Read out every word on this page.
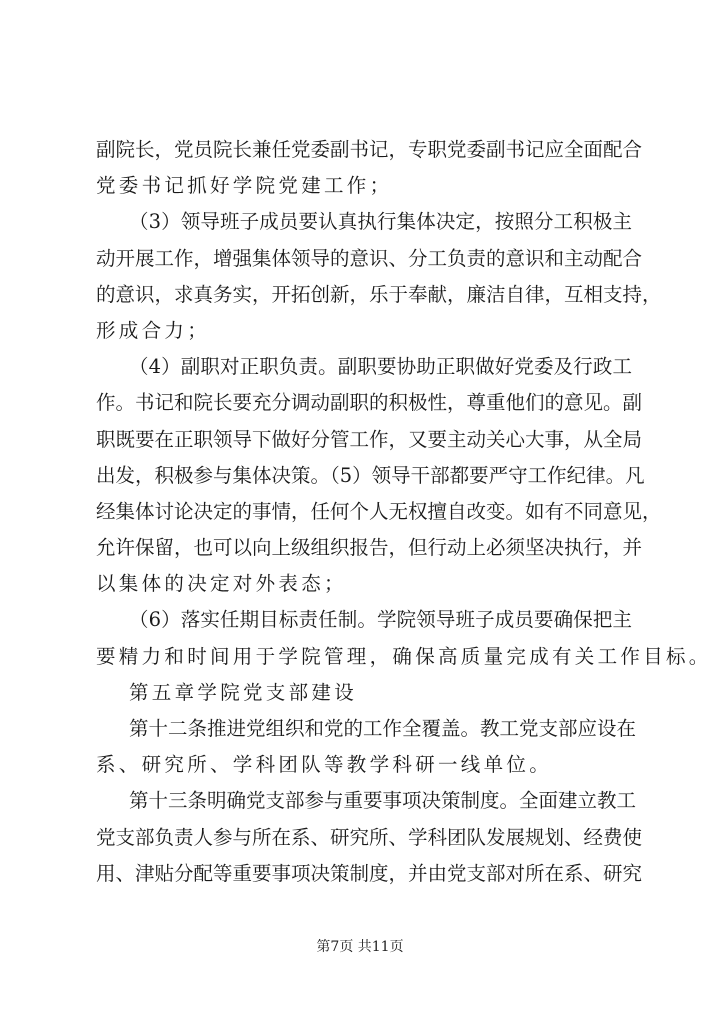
副院长，党员院长兼任党委副书记，专职党委副书记应全面配合
党委书记抓好学院党建工作；
（3）领导班子成员要认真执行集体决定，按照分工积极主
动开展工作，增强集体领导的意识、分工负责的意识和主动配合
的意识，求真务实，开拓创新，乐于奉献，廉洁自律，互相支持，
形成合力；
（4）副职对正职负责。副职要协助正职做好党委及行政工
作。书记和院长要充分调动副职的积极性，尊重他们的意见。副
职既要在正职领导下做好分管工作，又要主动关心大事，从全局
出发，积极参与集体决策。（5）领导干部都要严守工作纪律。凡
经集体讨论决定的事情，任何个人无权擅自改变。如有不同意见，
允许保留，也可以向上级组织报告，但行动上必须坚决执行，并
以集体的决定对外表态；
（6）落实任期目标责任制。学院领导班子成员要确保把主
要精力和时间用于学院管理，确保高质量完成有关工作目标。
第五章学院党支部建设
第十二条推进党组织和党的工作全覆盖。教工党支部应设在
系、研究所、学科团队等教学科研一线单位。
第十三条明确党支部参与重要事项决策制度。全面建立教工
党支部负责人参与所在系、研究所、学科团队发展规划、经费使
用、津贴分配等重要事项决策制度，并由党支部对所在系、研究
第7页 共11页
